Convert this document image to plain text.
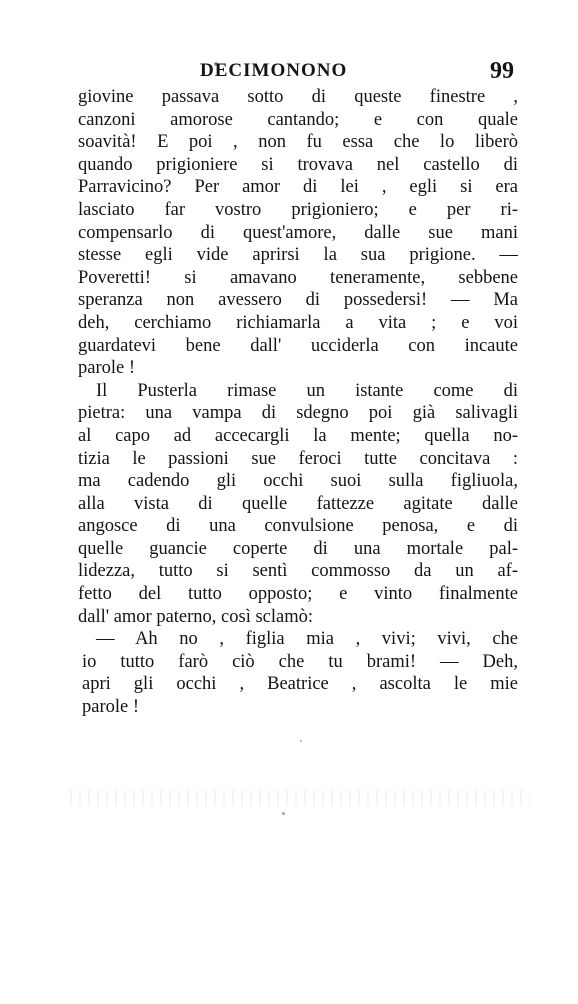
DECIMONONO	99
giovine passava sotto di queste finestre ,
canzoni amorose cantando; e con quale
soavità! E poi , non fu essa che lo liberò
quando prigioniere si trovava nel castello di
Parravicino? Per amor di lei , egli si era
lasciato far vostro prigioniero; e per ri-
compensarlo di quest'amore, dalle sue mani
stesse egli vide aprirsi la sua prigione. —
Poveretti! si amavano teneramente, sebbene
speranza non avessero di possedersi! — Ma
deh, cerchiamo richiamarla a vita ; e voi
guardatevi bene dall' ucciderla con incaute
parole !
Il Pusterla rimase un istante come di
pietra: una vampa di sdegno poi già salivagli
al capo ad accecargli la mente; quella no-
tizia le passioni sue feroci tutte concitava :
ma cadendo gli occhi suoi sulla figliuola,
alla vista di quelle fattezze agitate dalle
angosce di una convulsione penosa, e di
quelle guancie coperte di una mortale pal-
lidezza, tutto si sentì commosso da un af-
fetto del tutto opposto; e vinto finalmente
dall' amor paterno, così sclamò:
— Ah no , figlia mia , vivi; vivi, che
io tutto farò ciò che tu brami! — Deh,
apri gli occhi , Beatrice , ascolta le mie
parole !
